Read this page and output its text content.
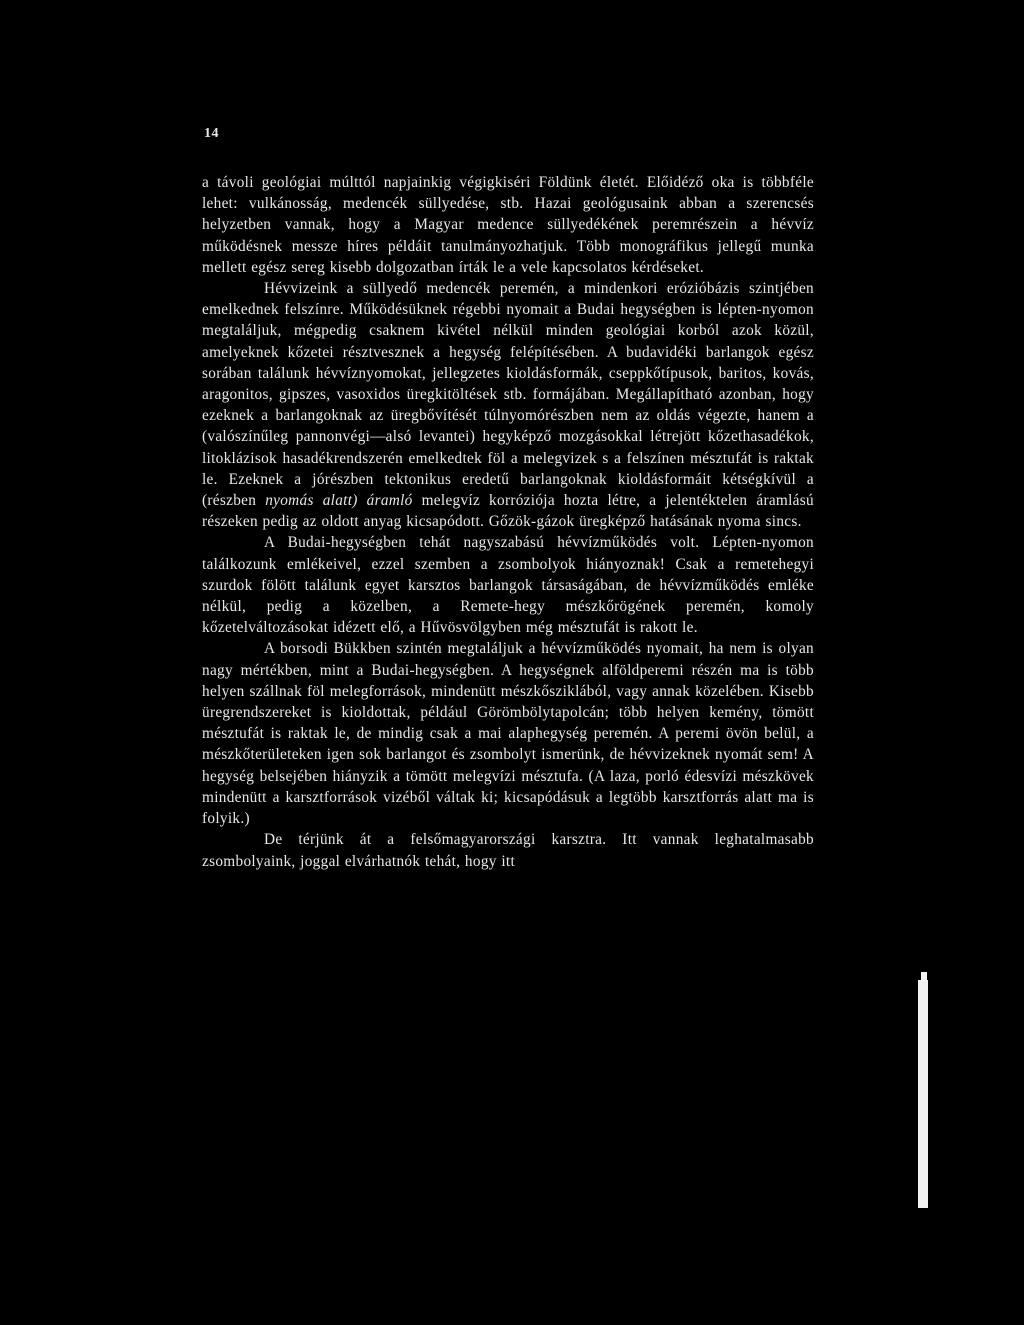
14

a távoli geológiai múlttól napjainkig végigkiséri Földünk életét. Előidéző oka is többféle lehet: vulkánosság, medencék süllyedése, stb. Hazai geológusaink abban a szerencsés helyzetben vannak, hogy a Magyar medence süllyedékének peremrészein a hévvíz működésnek messze híres példáit tanulmányozhatjuk. Több monográfikus jellegű munka mellett egész sereg kisebb dolgozatban írták le a vele kapcsolatos kérdéseket.

Hévvizeink a süllyedő medencék peremén, a mindenkori erózióbázis szintjében emelkednek felszínre. Működésüknek régebbi nyomait a Budai hegységben is lépten-nyomon megtaláljuk, mégpedig csaknem kivétel nélkül minden geológiai korból azok közül, amelyeknek kőzetei résztvesznek a hegység felépítésében. A budavidéki barlangok egész sorában találunk hévvíznyomokat, jellegzetes kioldásformák, cseppkőtípusok, baritos, kovás, aragonitos, gipszes, vasoxidos üregkitöltések stb. formájában. Megállapítható azonban, hogy ezeknek a barlangoknak az üregbővítését túlnyomórészben nem az oldás végezte, hanem a (valószínűleg pannonvégi—alsó levantei) hegyképző mozgásokkal létrejött kőzethasadékok, litoklázisok hasadékrendszerén emelkedtek föl a melegvizek s a felszínen mésztufát is raktak le. Ezeknek a jórészben tektonikus eredetű barlangoknak kioldásformáit kétségkívül a (részben nyomás alatt) áramló melegvíz korróziója hozta létre, a jelentéktelen áramlású részeken pedig az oldott anyag kicsapódott. Gőzök-gázok üregképző hatásának nyoma sincs.

A Budai-hegységben tehát nagyszabású hévvízműködés volt. Lépten-nyomon találkozunk emlékeivel, ezzel szemben a zsombolyok hiányoznak! Csak a remetehegyi szurdok fölött találunk egyet karsztos barlangok társaságában, de hévvízműködés emléke nélkül, pedig a közelben, a Remete-hegy mészkőrögének peremén, komoly kőzetelváltozásokat idézett elő, a Hűvösvölgyben még mésztufát is rakott le.

A borsodi Bükkben szintén megtaláljuk a hévvízműködés nyomait, ha nem is olyan nagy mértékben, mint a Budai-hegységben. A hegységnek alföldperemi részén ma is több helyen szállnak föl melegforrások, mindenütt mészkősziklából, vagy annak közelében. Kisebb üregrendszereket is kioldottak, például Görömbölytapolcán; több helyen kemény, tömött mésztufát is raktak le, de mindig csak a mai alaphegység peremén. A peremi övön belül, a mészkőterületeken igen sok barlangot és zsombolyt ismerünk, de hévvizeknek nyomát sem! A hegység belsejében hiányzik a tömött melegvízi mésztufa. (A laza, porló édesvízi mészkövek mindenütt a karsztforrások vizéből váltak ki; kicsapódásuk a legtöbb karsztforrás alatt ma is folyik.)

De térjünk át a felsőmagyarországi karsztra. Itt vannak leghatalmasabb zsombolyaink, joggal elvárhatnók tehát, hogy itt
